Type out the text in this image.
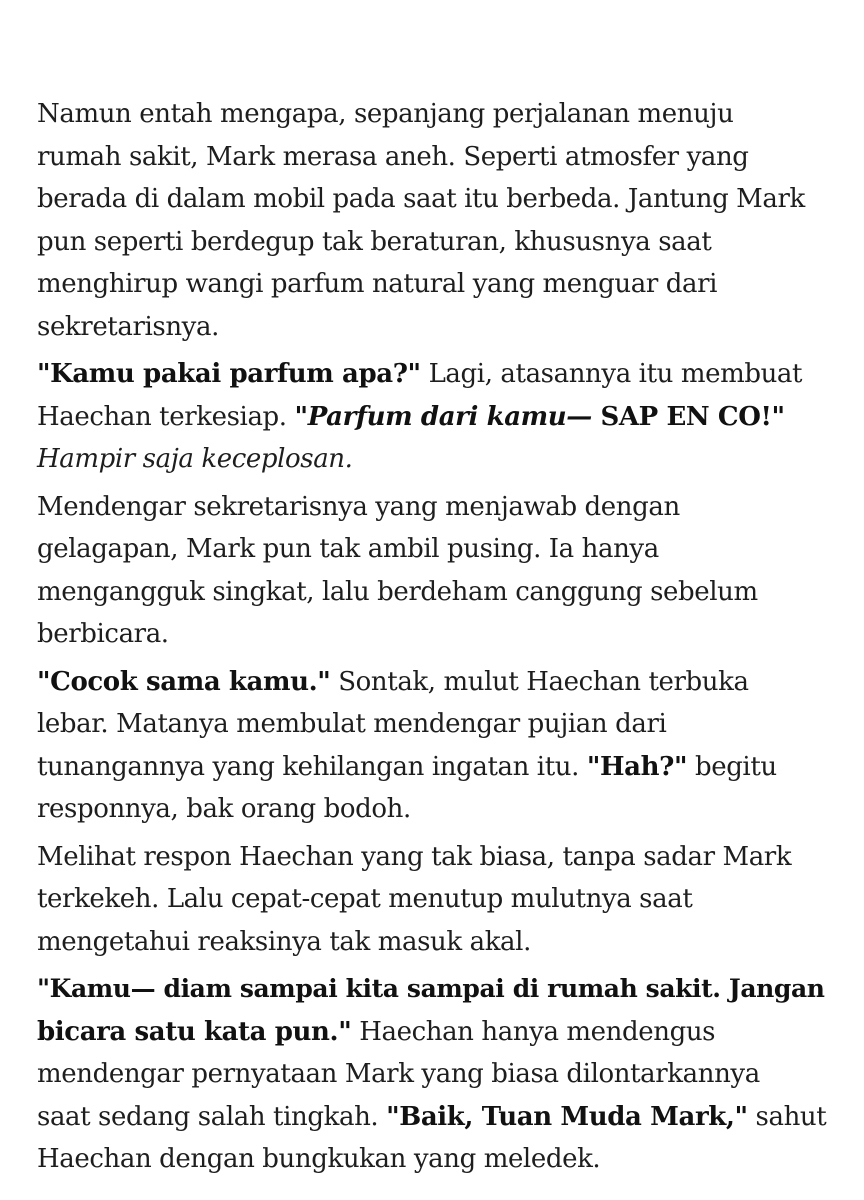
Namun entah mengapa, sepanjang perjalanan menuju
rumah sakit, Mark merasa aneh. Seperti atmosfer yang
berada di dalam mobil pada saat itu berbeda. Jantung Mark
pun seperti berdegup tak beraturan, khususnya saat
menghirup wangi parfum natural yang menguar dari
sekretarisnya.

"Kamu pakai parfum apa?" Lagi, atasannya itu membuat
Haechan terkesiap. "Parfum dari kamu— SAP EN CO!"
Hampir saja keceplosan.

Mendengar sekretarisnya yang menjawab dengan
gelagapan, Mark pun tak ambil pusing. Ia hanya
mengangguk singkat, lalu berdeham canggung sebelum
berbicara.

"Cocok sama kamu." Sontak, mulut Haechan terbuka
lebar. Matanya membulat mendengar pujian dari
tunangannya yang kehilangan ingatan itu. "Hah?" begitu
responnya, bak orang bodoh.

Melihat respon Haechan yang tak biasa, tanpa sadar Mark
terkekeh. Lalu cepat-cepat menutup mulutnya saat
mengetahui reaksinya tak masuk akal.

"Kamu— diam sampai kita sampai di rumah sakit. Jangan
bicara satu kata pun." Haechan hanya mendengus
mendengar pernyataan Mark yang biasa dilontarkannya
saat sedang salah tingkah. "Baik, Tuan Muda Mark," sahut
Haechan dengan bungkukan yang meledek.
